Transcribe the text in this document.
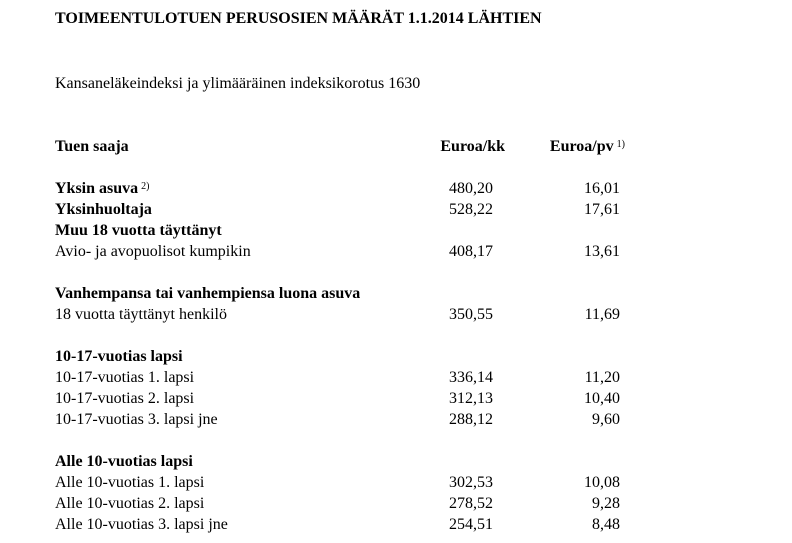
TOIMEENTULOTUEN PERUSOSIEN MÄÄRÄT 1.1.2014 LÄHTIEN
Kansaneläkeindeksi ja ylimääräinen indeksikorotus 1630
Tuen saaja	Euroa/kk	Euroa/pv $^{1)}$
Yksin asuva $^{2)}$	480,20	16,01
Yksinhuoltaja	528,22	17,61
Muu 18 vuotta täyttänyt
Avio- ja avopuolisot kumpikin	408,17	13,61
Vanhempansa tai vanhempiensa luona asuva
18 vuotta täyttänyt henkilö	350,55	11,69
10-17-vuotias lapsi
10-17-vuotias 1. lapsi	336,14	11,20
10-17-vuotias 2. lapsi	312,13	10,40
10-17-vuotias 3. lapsi jne	288,12	9,60
Alle 10-vuotias lapsi
Alle 10-vuotias 1. lapsi	302,53	10,08
Alle 10-vuotias 2. lapsi	278,52	9,28
Alle 10-vuotias 3. lapsi jne	254,51	8,48
